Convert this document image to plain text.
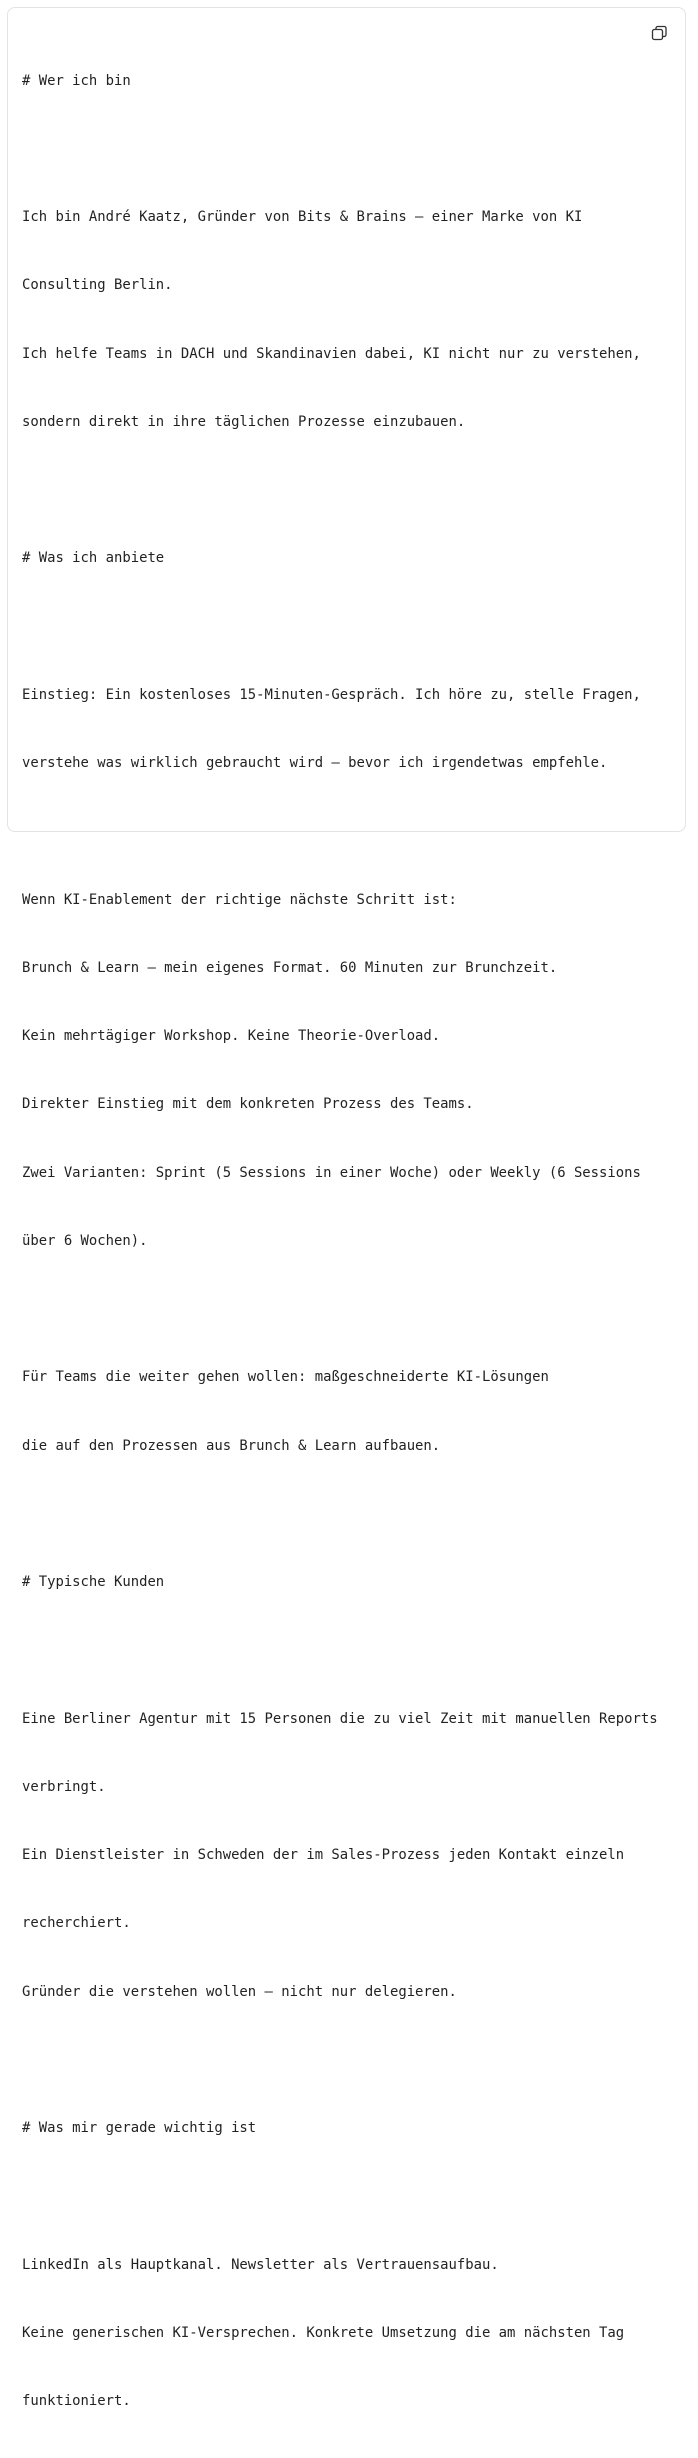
# Wer ich bin

Ich bin André Kaatz, Gründer von Bits & Brains — einer Marke von KI

Consulting Berlin.

Ich helfe Teams in DACH und Skandinavien dabei, KI nicht nur zu verstehen,

sondern direkt in ihre täglichen Prozesse einzubauen.

# Was ich anbiete

Einstieg: Ein kostenloses 15-Minuten-Gespräch. Ich höre zu, stelle Fragen,

verstehe was wirklich gebraucht wird — bevor ich irgendetwas empfehle.

Wenn KI-Enablement der richtige nächste Schritt ist:

Brunch & Learn — mein eigenes Format. 60 Minuten zur Brunchzeit.

Kein mehrtägiger Workshop. Keine Theorie-Overload.

Direkter Einstieg mit dem konkreten Prozess des Teams.

Zwei Varianten: Sprint (5 Sessions in einer Woche) oder Weekly (6 Sessions

über 6 Wochen).

Für Teams die weiter gehen wollen: maßgeschneiderte KI-Lösungen

die auf den Prozessen aus Brunch & Learn aufbauen.

# Typische Kunden

Eine Berliner Agentur mit 15 Personen die zu viel Zeit mit manuellen Reports

verbringt.

Ein Dienstleister in Schweden der im Sales-Prozess jeden Kontakt einzeln

recherchiert.

Gründer die verstehen wollen — nicht nur delegieren.

# Was mir gerade wichtig ist

LinkedIn als Hauptkanal. Newsletter als Vertrauensaufbau.

Keine generischen KI-Versprechen. Konkrete Umsetzung die am nächsten Tag

funktioniert.
